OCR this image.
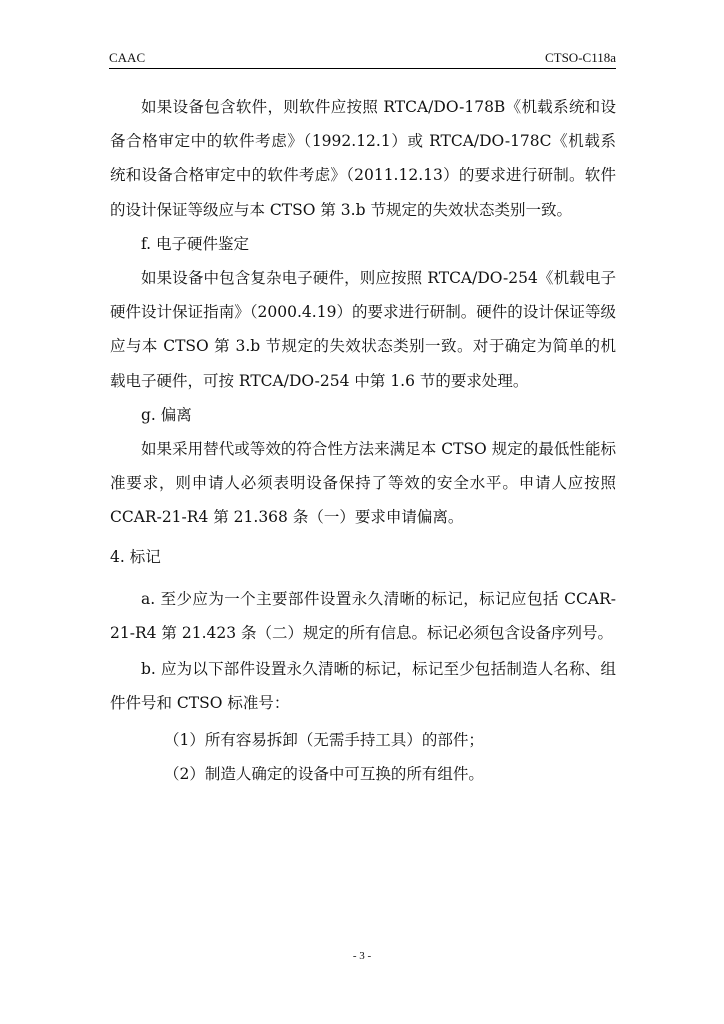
CAAC	CTSO-C118a

如果设备包含软件，则软件应按照 RTCA/DO-178B《机载系统和设备合格审定中的软件考虑》（1992.12.1）或 RTCA/DO-178C《机载系统和设备合格审定中的软件考虑》（2011.12.13）的要求进行研制。软件的设计保证等级应与本 CTSO 第 3.b 节规定的失效状态类别一致。

f. 电子硬件鉴定

如果设备中包含复杂电子硬件，则应按照 RTCA/DO-254《机载电子硬件设计保证指南》（2000.4.19）的要求进行研制。硬件的设计保证等级应与本 CTSO 第 3.b 节规定的失效状态类别一致。对于确定为简单的机载电子硬件，可按 RTCA/DO-254 中第 1.6 节的要求处理。

g. 偏离

如果采用替代或等效的符合性方法来满足本 CTSO 规定的最低性能标准要求，则申请人必须表明设备保持了等效的安全水平。申请人应按照 CCAR-21-R4 第 21.368 条（一）要求申请偏离。

4. 标记

a. 至少应为一个主要部件设置永久清晰的标记，标记应包括 CCAR-21-R4 第 21.423 条（二）规定的所有信息。标记必须包含设备序列号。

b. 应为以下部件设置永久清晰的标记，标记至少包括制造人名称、组件件号和 CTSO 标准号：

（1）所有容易拆卸（无需手持工具）的部件；

（2）制造人确定的设备中可互换的所有组件。

- 3 -
